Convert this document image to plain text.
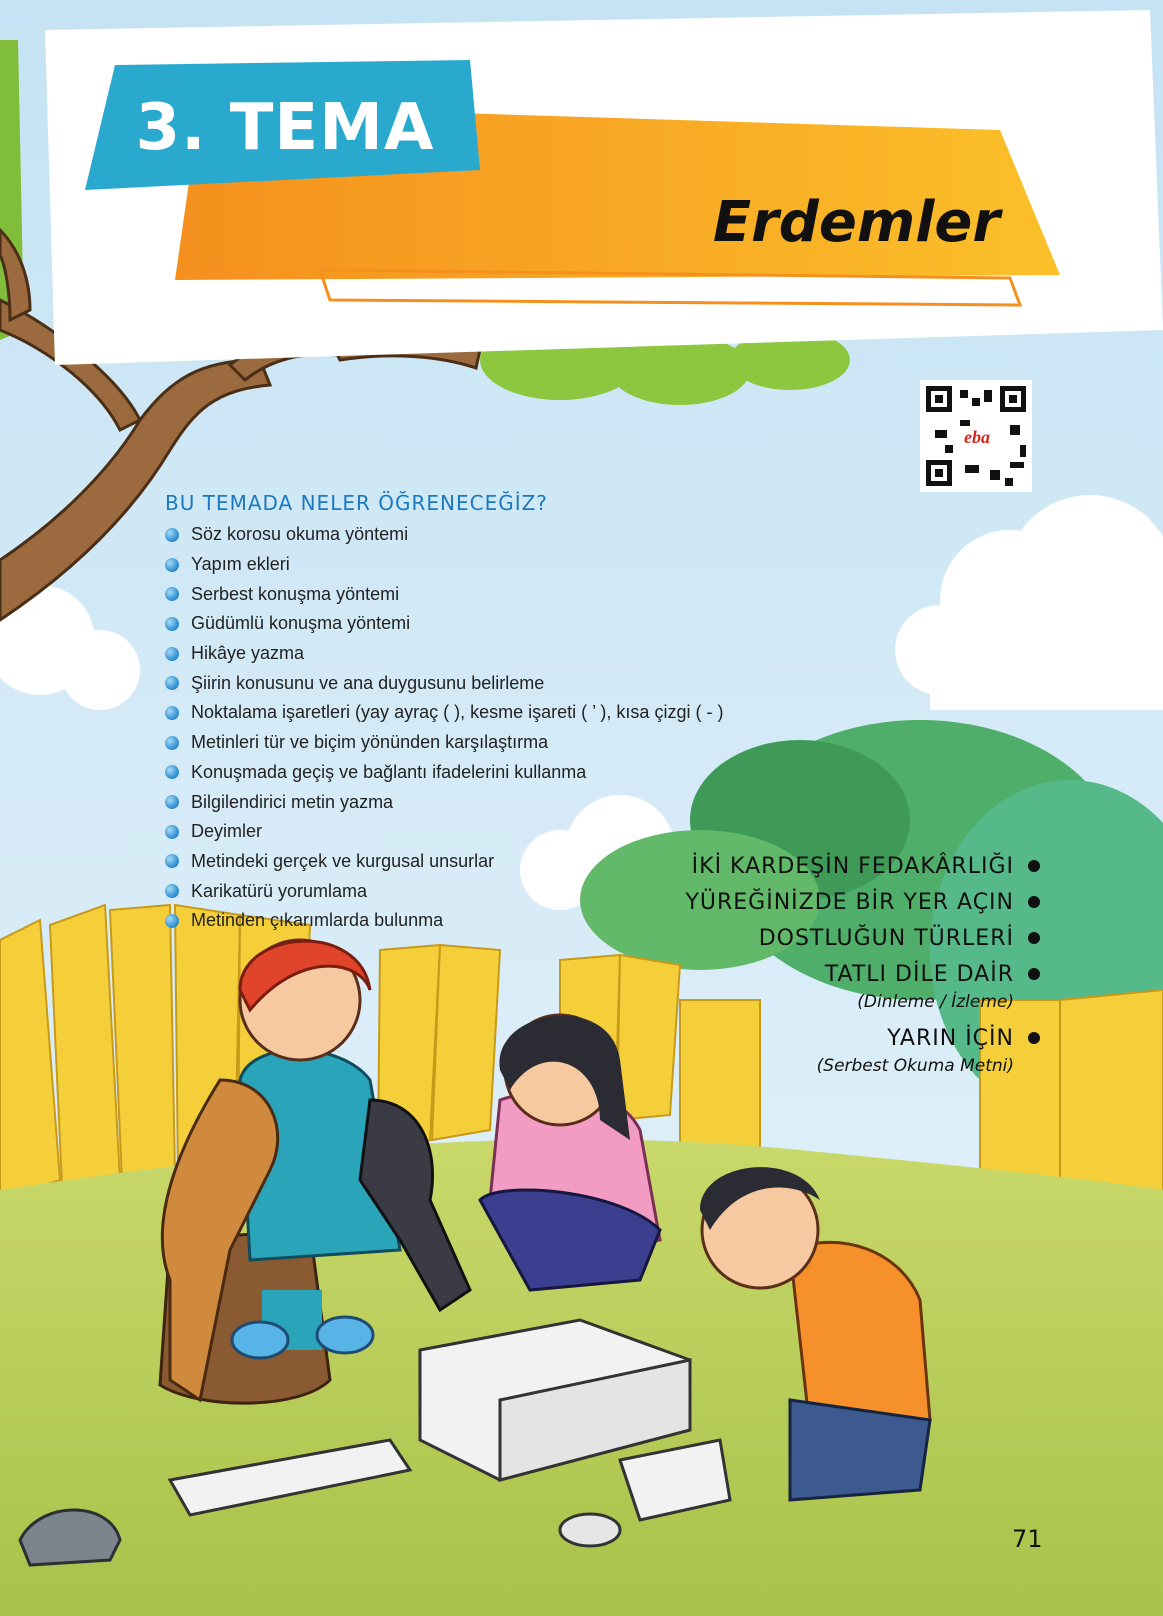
eba
3. TEMA
Erdemler
BU TEMADA NELER ÖĞRENECEĞİZ?
Söz korosu okuma yöntemi
Yapım ekleri
Serbest konuşma yöntemi
Güdümlü konuşma yöntemi
Hikâye yazma
Şiirin konusunu ve ana duygusunu belirleme
Noktalama işaretleri (yay ayraç ( ), kesme işareti ( ’ ), kısa çizgi ( - )
Metinleri tür ve biçim yönünden karşılaştırma
Konuşmada geçiş ve bağlantı ifadelerini kullanma
Bilgilendirici metin yazma
Deyimler
Metindeki gerçek ve kurgusal unsurlar
Karikatürü yorumlama
Metinden çıkarımlarda bulunma
İKİ KARDEŞİN FEDAKÂRLIĞI
YÜREĞİNİZDE BİR YER AÇIN
DOSTLUĞUN TÜRLERİ
TATLI DİLE DAİR
(Dinleme / İzleme)
YARIN İÇİN
(Serbest Okuma Metni)
71
